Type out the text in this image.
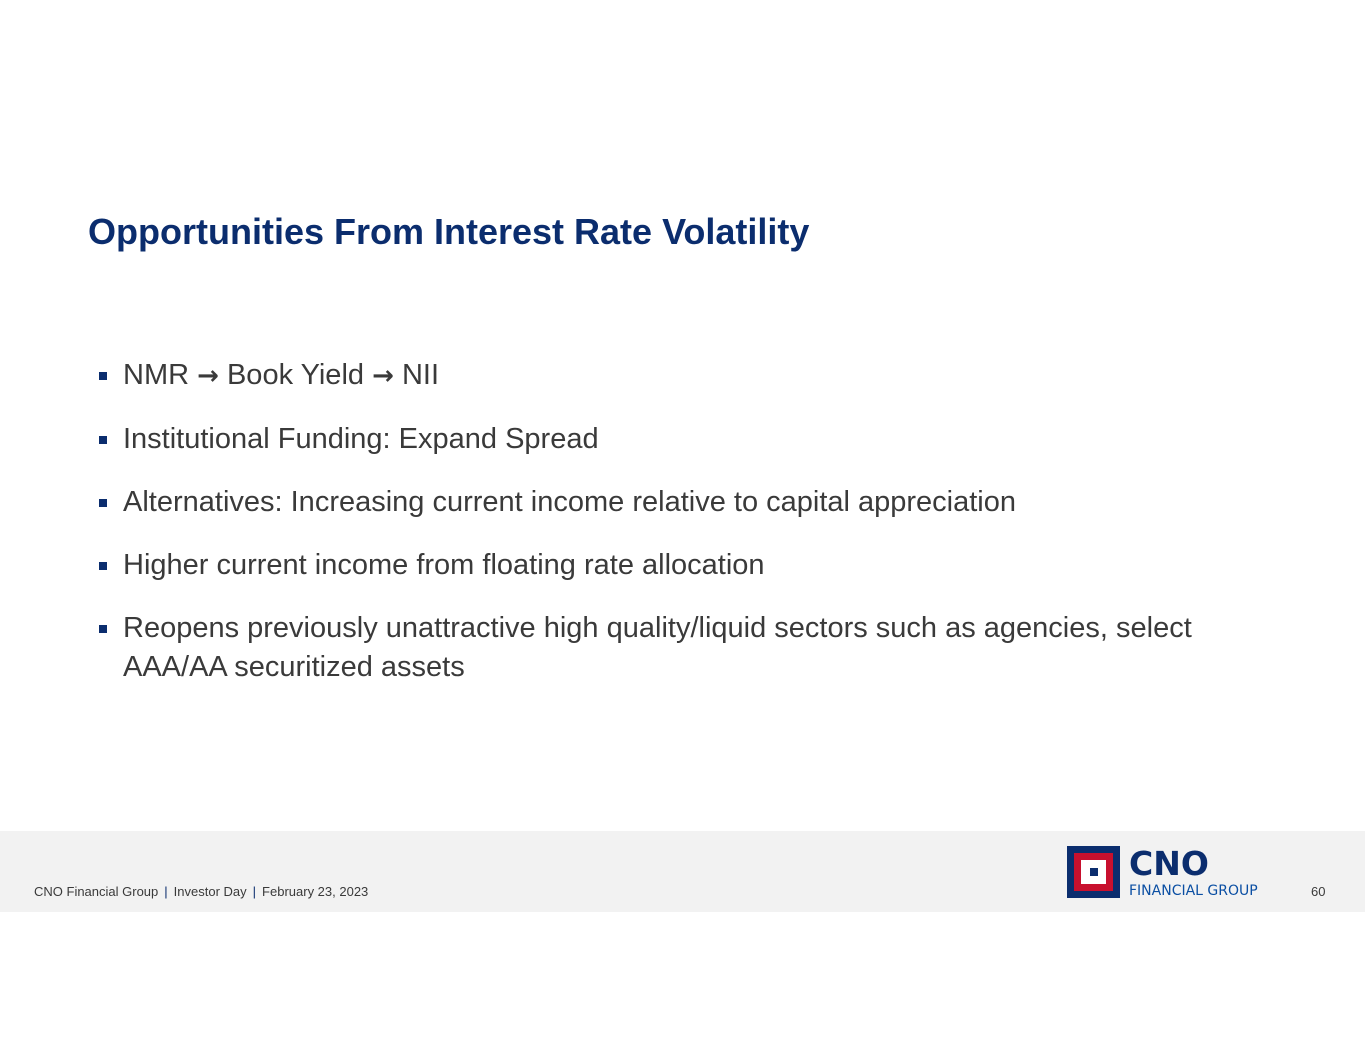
Opportunities From Interest Rate Volatility
NMR → Book Yield → NII
Institutional Funding: Expand Spread
Alternatives: Increasing current income relative to capital appreciation
Higher current income from floating rate allocation
Reopens previously unattractive high quality/liquid sectors such as agencies, select AAA/AA securitized assets
CNO Financial Group | Investor Day | February 23, 2023
CNO
FINANCIAL GROUP	60
